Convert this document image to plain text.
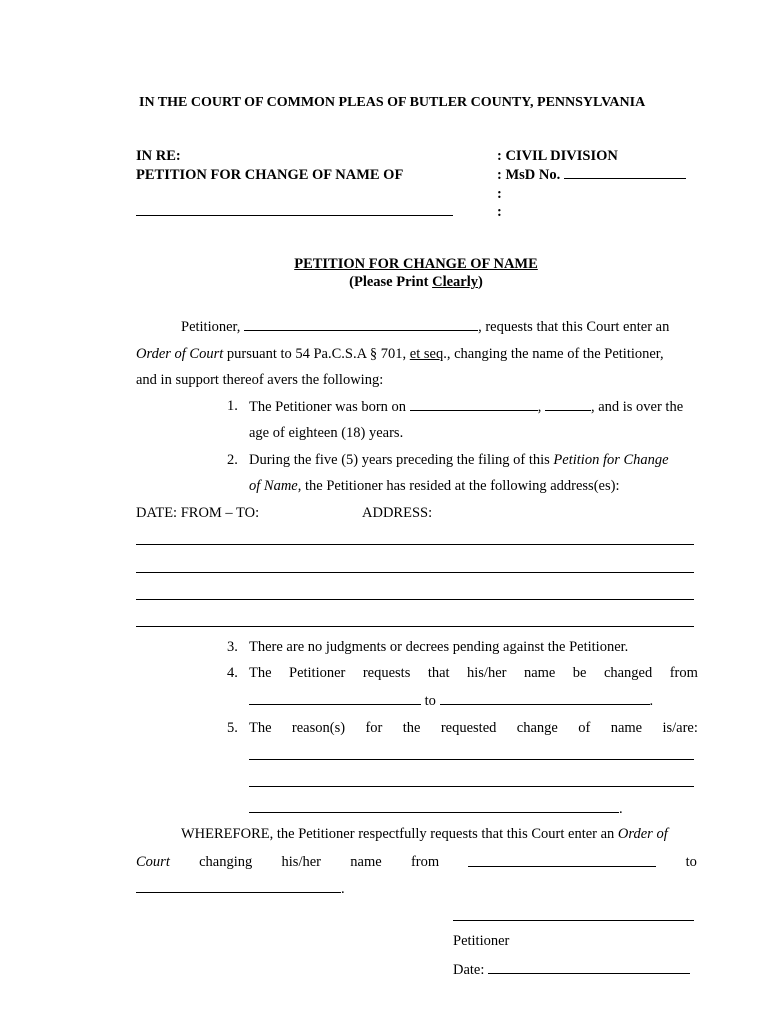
IN THE COURT OF COMMON PLEAS OF BUTLER COUNTY, PENNSYLVANIA
IN RE:
PETITION FOR CHANGE OF NAME OF
: CIVIL DIVISION
: MsD No.
:
:
PETITION FOR CHANGE OF NAME
(Please Print Clearly)
Petitioner,	, requests that this Court enter an
Order of Court pursuant to 54 Pa.C.S.A § 701, et seq., changing the name of the Petitioner,
and in support thereof avers the following:
1. The Petitioner was born on	,	, and is over the
age of eighteen (18) years.
2. During the five (5) years preceding the filing of this Petition for Change
of Name, the Petitioner has resided at the following address(es):
DATE: FROM – TO:	ADDRESS:
3. There are no judgments or decrees pending against the Petitioner.
4. The Petitioner requests that his/her name be changed from
to	.
5. The reason(s) for the requested change of name is/are:
.
WHEREFORE, the Petitioner respectfully requests that this Court enter an Order of
Court changing his/her name from	to
.
Petitioner
Date:
